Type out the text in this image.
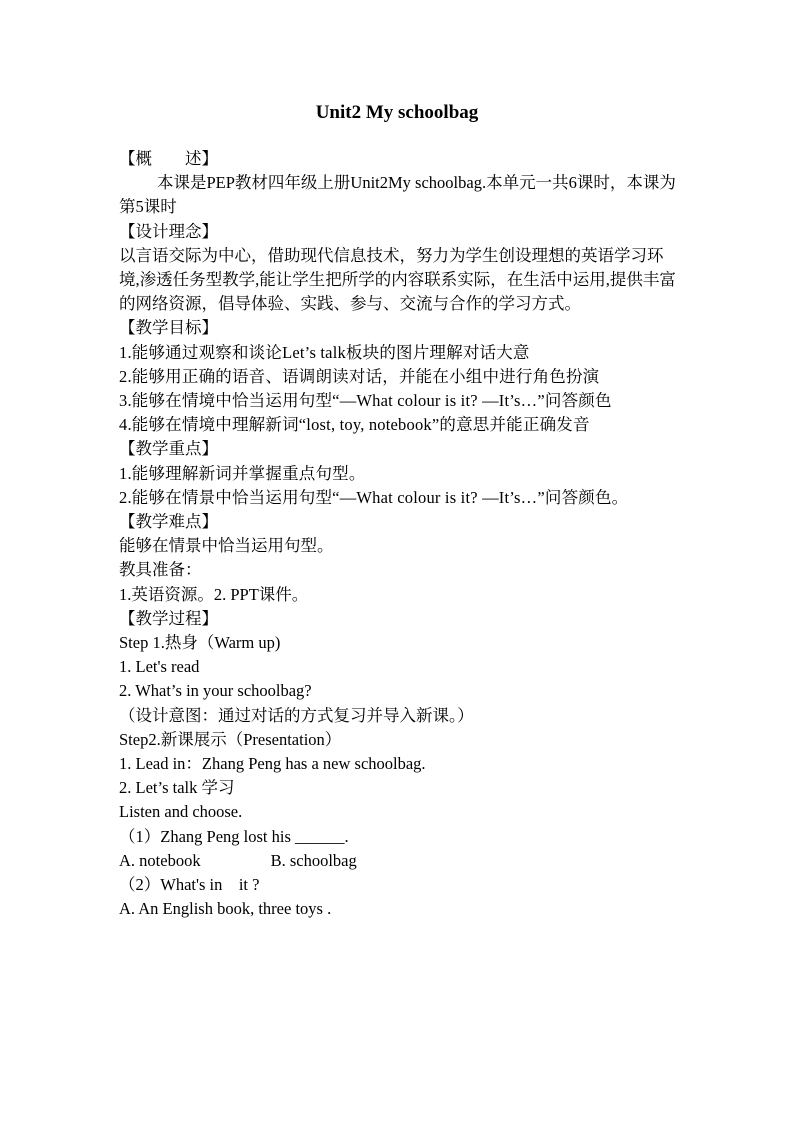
Unit2 My schoolbag
【概　　述】
本课是PEP教材四年级上册Unit2My schoolbag.本单元一共6课时，本课为第5课时
【设计理念】
以言语交际为中心，借助现代信息技术，努力为学生创设理想的英语学习环境,渗透任务型教学,能让学生把所学的内容联系实际，在生活中运用,提供丰富的网络资源，倡导体验、实践、参与、交流与合作的学习方式。
【教学目标】
1.能够通过观察和谈论Let’s talk板块的图片理解对话大意
2.能够用正确的语音、语调朗读对话，并能在小组中进行角色扮演
3.能够在情境中恰当运用句型“—What colour is it? —It’s…”问答颜色
4.能够在情境中理解新词“lost, toy, notebook”的意思并能正确发音
【教学重点】
1.能够理解新词并掌握重点句型。
2.能够在情景中恰当运用句型“—What colour is it? —It’s…”问答颜色。
【教学难点】
能够在情景中恰当运用句型。
教具准备：
1.英语资源。2. PPT课件。
【教学过程】
Step 1.热身（Warm up)
1. Let's read
2. What’s in your schoolbag?
（设计意图：通过对话的方式复习并导入新课。）
Step2.新课展示（Presentation）
1. Lead in：Zhang Peng has a new schoolbag.
2. Let’s talk 学习
Listen and choose.
（1）Zhang Peng lost his ______.
A. notebook	B. schoolbag
（2）What's in　it ?
A. An English book, three toys .
